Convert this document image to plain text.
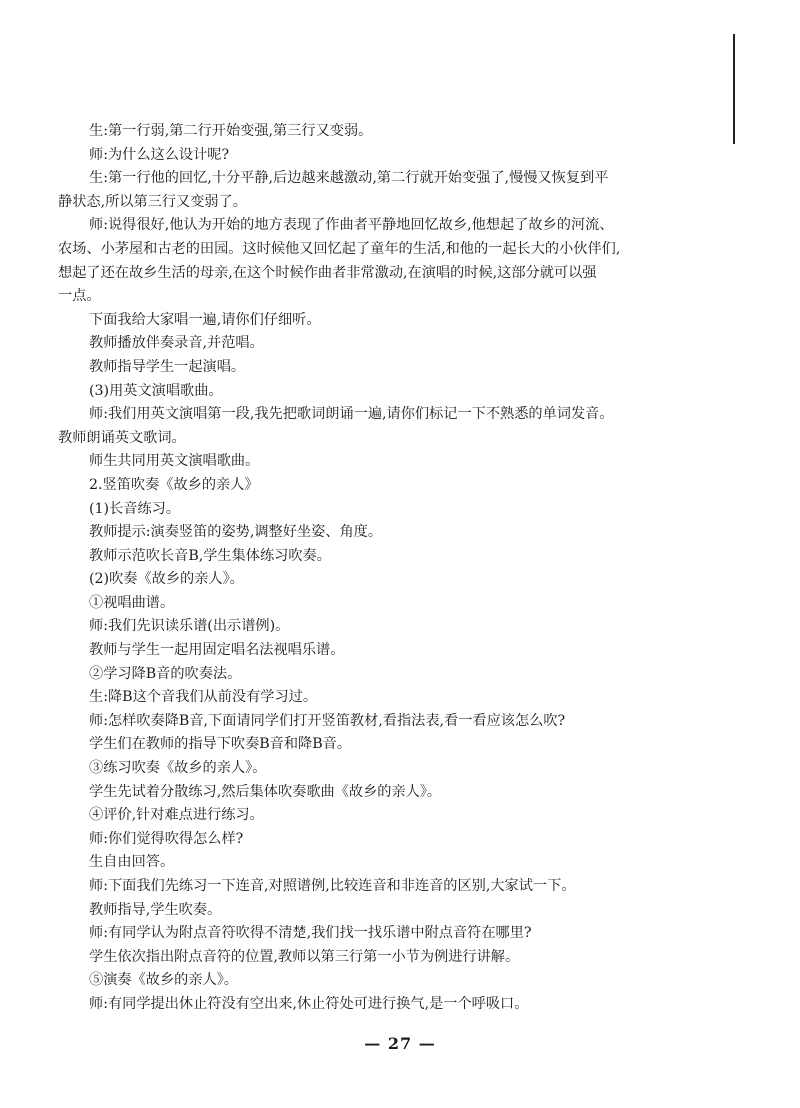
生:第一行弱,第二行开始变强,第三行又变弱。
师:为什么这么设计呢?
生:第一行他的回忆,十分平静,后边越来越激动,第二行就开始变强了,慢慢又恢复到平
静状态,所以第三行又变弱了。
师:说得很好,他认为开始的地方表现了作曲者平静地回忆故乡,他想起了故乡的河流、
农场、小茅屋和古老的田园。这时候他又回忆起了童年的生活,和他的一起长大的小伙伴们,
想起了还在故乡生活的母亲,在这个时候作曲者非常激动,在演唱的时候,这部分就可以强
一点。
下面我给大家唱一遍,请你们仔细听。
教师播放伴奏录音,并范唱。
教师指导学生一起演唱。
(3)用英文演唱歌曲。
师:我们用英文演唱第一段,我先把歌词朗诵一遍,请你们标记一下不熟悉的单词发音。
教师朗诵英文歌词。
师生共同用英文演唱歌曲。
2.竖笛吹奏《故乡的亲人》
(1)长音练习。
教师提示:演奏竖笛的姿势,调整好坐姿、角度。
教师示范吹长音B,学生集体练习吹奏。
(2)吹奏《故乡的亲人》。
①视唱曲谱。
师:我们先识读乐谱(出示谱例)。
教师与学生一起用固定唱名法视唱乐谱。
②学习降B音的吹奏法。
生:降B这个音我们从前没有学习过。
师:怎样吹奏降B音,下面请同学们打开竖笛教材,看指法表,看一看应该怎么吹?
学生们在教师的指导下吹奏B音和降B音。
③练习吹奏《故乡的亲人》。
学生先试着分散练习,然后集体吹奏歌曲《故乡的亲人》。
④评价,针对难点进行练习。
师:你们觉得吹得怎么样?
生自由回答。
师:下面我们先练习一下连音,对照谱例,比较连音和非连音的区别,大家试一下。
教师指导,学生吹奏。
师:有同学认为附点音符吹得不清楚,我们找一找乐谱中附点音符在哪里?
学生依次指出附点音符的位置,教师以第三行第一小节为例进行讲解。
⑤演奏《故乡的亲人》。
师:有同学提出休止符没有空出来,休止符处可进行换气,是一个呼吸口。
— 27 —
